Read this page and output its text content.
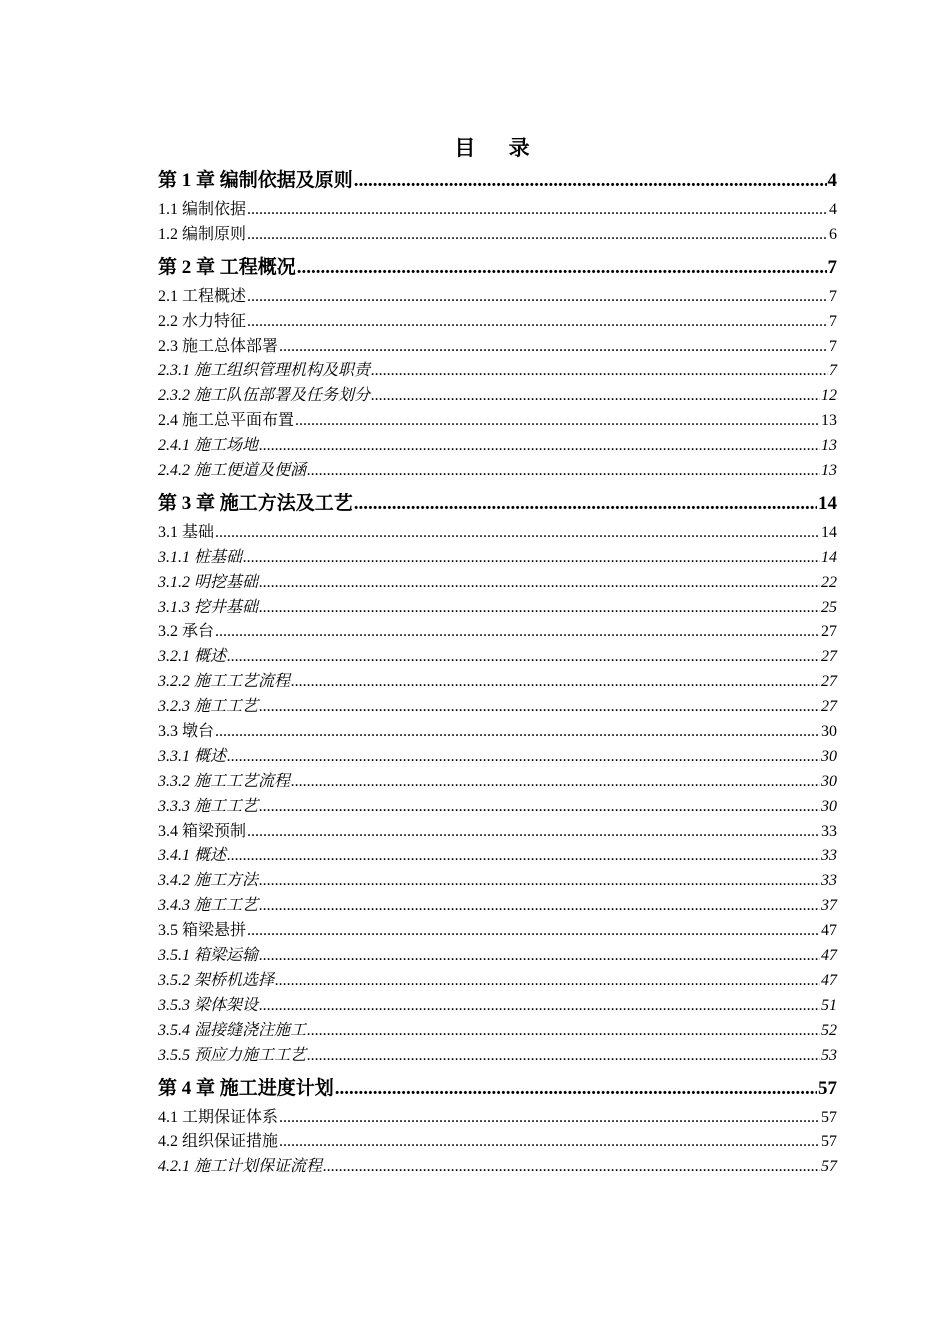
目 录
第 1 章 编制依据及原则 .....	4
1.1 编制依据 .....	4
1.2 编制原则 .....	6
第 2 章 工程概况 .....	7
2.1 工程概述 .....	7
2.2 水力特征 .....	7
2.3 施工总体部署 .....	7
2.3.1 施工组织管理机构及职责 .....	7
2.3.2 施工队伍部署及任务划分 .....	12
2.4 施工总平面布置 .....	13
2.4.1 施工场地 .....	13
2.4.2 施工便道及便涵 .....	13
第 3 章 施工方法及工艺 .....	14
3.1 基础 .....	14
3.1.1 桩基础 .....	14
3.1.2 明挖基础 .....	22
3.1.3 挖井基础 .....	25
3.2 承台 .....	27
3.2.1 概述 .....	27
3.2.2 施工工艺流程 .....	27
3.2.3 施工工艺 .....	27
3.3 墩台 .....	30
3.3.1 概述 .....	30
3.3.2 施工工艺流程 .....	30
3.3.3 施工工艺 .....	30
3.4 箱梁预制 .....	33
3.4.1 概述 .....	33
3.4.2 施工方法 .....	33
3.4.3 施工工艺 .....	37
3.5 箱梁悬拼 .....	47
3.5.1 箱梁运输 .....	47
3.5.2 架桥机选择 .....	47
3.5.3 梁体架设 .....	51
3.5.4 湿接缝浇注施工 .....	52
3.5.5 预应力施工工艺 .....	53
第 4 章 施工进度计划 .....	57
4.1 工期保证体系 .....	57
4.2 组织保证措施 .....	57
4.2.1 施工计划保证流程 .....	57
